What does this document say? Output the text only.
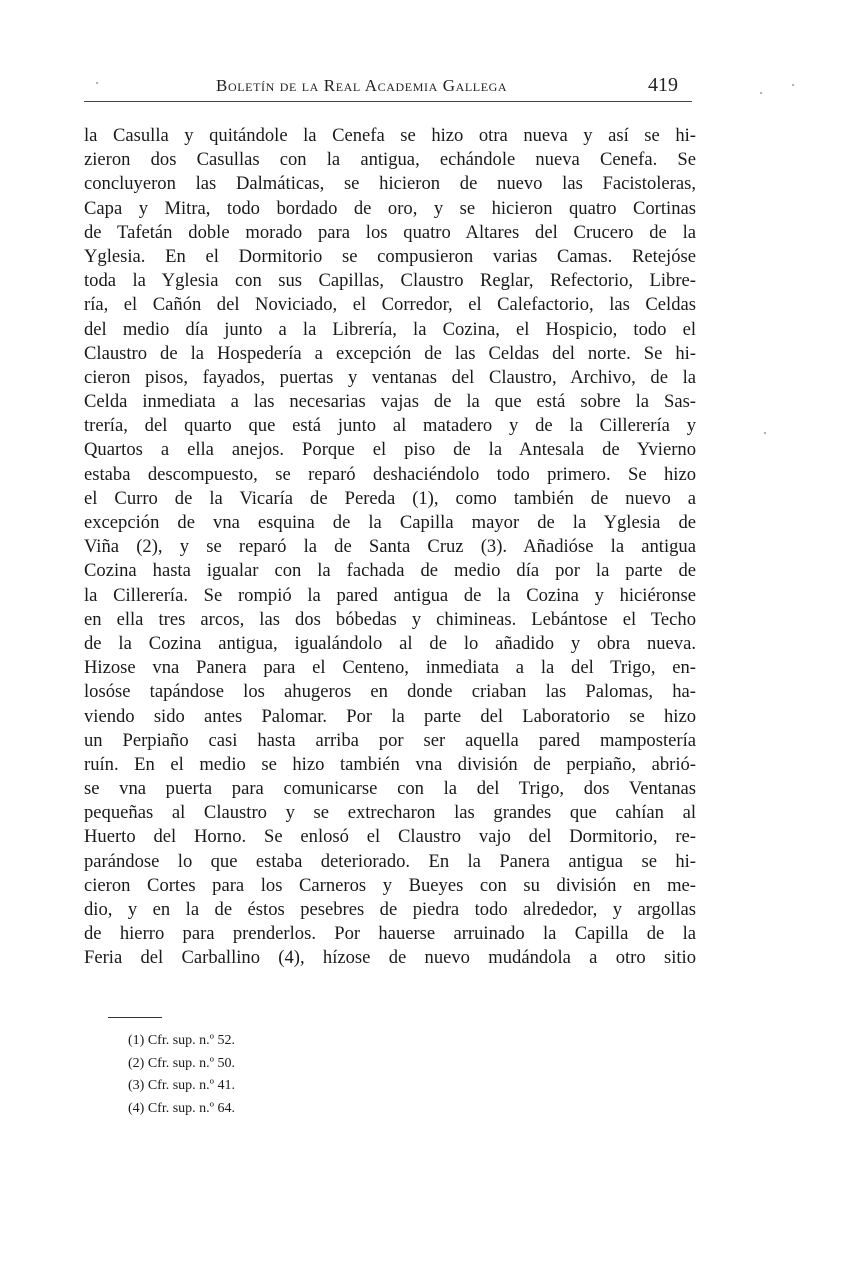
Boletín de la Real Academia Gallega	419
la Casulla y quitándole la Cenefa se hizo otra nueva y así se hi-
zieron dos Casullas con la antigua, echándole nueva Cenefa. Se
concluyeron las Dalmáticas, se hicieron de nuevo las Facistoleras,
Capa y Mitra, todo bordado de oro, y se hicieron quatro Cortinas
de Tafetán doble morado para los quatro Altares del Crucero de la
Yglesia. En el Dormitorio se compusieron varias Camas. Retejóse
toda la Yglesia con sus Capillas, Claustro Reglar, Refectorio, Libre-
ría, el Cañón del Noviciado, el Corredor, el Calefactorio, las Celdas
del medio día junto a la Librería, la Cozina, el Hospicio, todo el
Claustro de la Hospedería a excepción de las Celdas del norte. Se hi-
cieron pisos, fayados, puertas y ventanas del Claustro, Archivo, de la
Celda inmediata a las necesarias vajas de la que está sobre la Sas-
trería, del quarto que está junto al matadero y de la Cillerería y
Quartos a ella anejos. Porque el piso de la Antesala de Yvierno
estaba descompuesto, se reparó deshaciéndolo todo primero. Se hizo
el Curro de la Vicaría de Pereda (1), como también de nuevo a
excepción de vna esquina de la Capilla mayor de la Yglesia de
Viña (2), y se reparó la de Santa Cruz (3). Añadióse la antigua
Cozina hasta igualar con la fachada de medio día por la parte de
la Cillerería. Se rompió la pared antigua de la Cozina y hiciéronse
en ella tres arcos, las dos bóbedas y chimineas. Lebántose el Techo
de la Cozina antigua, igualándolo al de lo añadido y obra nueva.
Hizose vna Panera para el Centeno, inmediata a la del Trigo, en-
losóse tapándose los ahugeros en donde criaban las Palomas, ha-
viendo sido antes Palomar. Por la parte del Laboratorio se hizo
un Perpiaño casi hasta arriba por ser aquella pared mampostería
ruín. En el medio se hizo también vna división de perpiaño, abrió-
se vna puerta para comunicarse con la del Trigo, dos Ventanas
pequeñas al Claustro y se extrecharon las grandes que cahían al
Huerto del Horno. Se enlosó el Claustro vajo del Dormitorio, re-
parándose lo que estaba deteriorado. En la Panera antigua se hi-
cieron Cortes para los Carneros y Bueyes con su división en me-
dio, y en la de éstos pesebres de piedra todo alrededor, y argollas
de hierro para prenderlos. Por hauerse arruinado la Capilla de la
Feria del Carballino (4), hízose de nuevo mudándola a otro sitio
(1) Cfr. sup. n.º 52.
(2) Cfr. sup. n.º 50.
(3) Cfr. sup. n.º 41.
(4) Cfr. sup. n.º 64.
